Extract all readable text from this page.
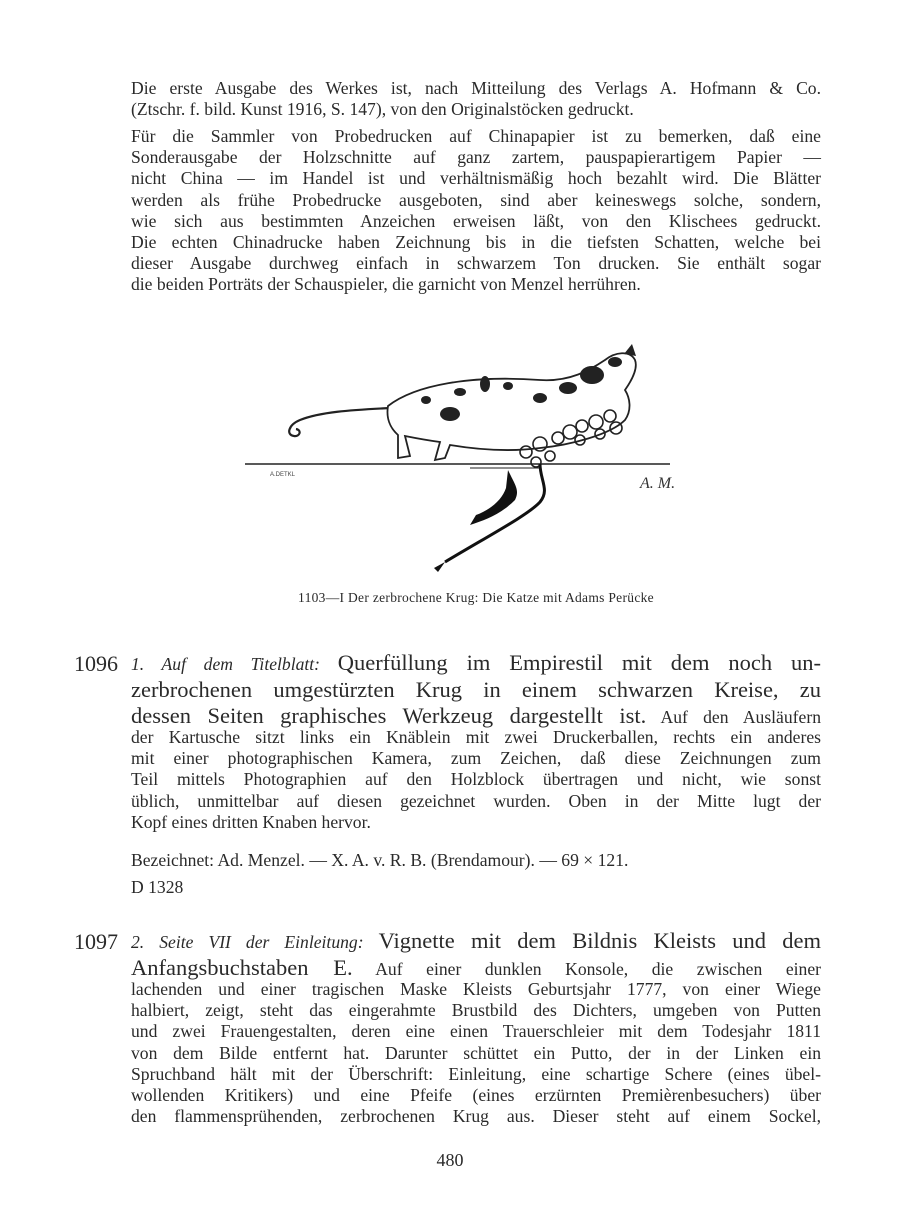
Die erste Ausgabe des Werkes ist, nach Mitteilung des Verlags A. Hofmann & Co.
(Ztschr. f. bild. Kunst 1916, S. 147), von den Originalstöcken gedruckt.

Für die Sammler von Probedrucken auf Chinapapier ist zu bemerken, daß eine
Sonderausgabe der Holzschnitte auf ganz zartem, pauspapierartigem Papier —
nicht China — im Handel ist und verhältnismäßig hoch bezahlt wird. Die Blätter
werden als frühe Probedrucke ausgeboten, sind aber keineswegs solche, sondern,
wie sich aus bestimmten Anzeichen erweisen läßt, von den Klischees gedruckt.
Die echten Chinadrucke haben Zeichnung bis in die tiefsten Schatten, welche bei
dieser Ausgabe durchweg einfach in schwarzem Ton drucken. Sie enthält sogar
die beiden Porträts der Schauspieler, die garnicht von Menzel herrühren.

A.DETKL	A. M.
1103—I Der zerbrochene Krug: Die Katze mit Adams Perücke
1096 1. Auf dem Titelblatt: Querfüllung im Empirestil mit dem noch un-
zerbrochenen umgestürzten Krug in einem schwarzen Kreise, zu
dessen Seiten graphisches Werkzeug dargestellt ist. Auf den Ausläufern

der Kartusche sitzt links ein Knäblein mit zwei Druckerballen, rechts ein anderes
mit einer photographischen Kamera, zum Zeichen, daß diese Zeichnungen zum
Teil mittels Photographien auf den Holzblock übertragen und nicht, wie sonst
üblich, unmittelbar auf diesen gezeichnet wurden. Oben in der Mitte lugt der
Kopf eines dritten Knaben hervor.

Bezeichnet: Ad. Menzel. — X. A. v. R. B. (Brendamour). — 69 × 121.
D 1328
1097 2. Seite VII der Einleitung: Vignette mit dem Bildnis Kleists und dem
Anfangsbuchstaben E. Auf einer dunklen Konsole, die zwischen einer

lachenden und einer tragischen Maske Kleists Geburtsjahr 1777, von einer Wiege
halbiert, zeigt, steht das eingerahmte Brustbild des Dichters, umgeben von Putten
und zwei Frauengestalten, deren eine einen Trauerschleier mit dem Todesjahr 1811
von dem Bilde entfernt hat. Darunter schüttet ein Putto, der in der Linken ein
Spruchband hält mit der Überschrift: Einleitung, eine schartige Schere (eines übel-
wollenden Kritikers) und eine Pfeife (eines erzürnten Premièrenbesuchers) über
den flammensprühenden, zerbrochenen Krug aus. Dieser steht auf einem Sockel,

480
